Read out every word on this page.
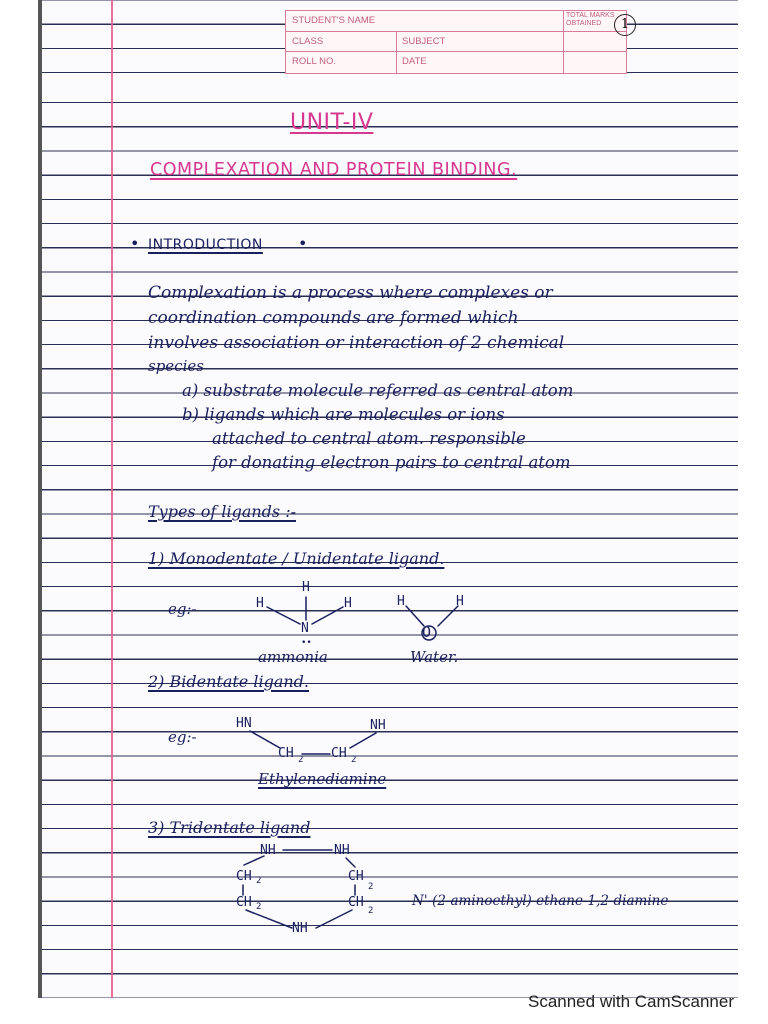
STUDENT'S NAME	TOTAL MARKS OBTAINED
CLASS	SUBJECT
ROLL NO.	DATE
1
UNIT-IV
COMPLEXATION AND PROTEIN BINDING.
• INTRODUCTION •
Complexation is a process where complexes or
coordination compounds are formed which
involves association or interaction of 2 chemical
species
a) substrate molecule referred as central atom
b) ligands which are molecules or ions
attached to central atom. responsible
for donating electron pairs to central atom
Types of ligands :-
1) Monodentate / Unidentate ligand.
eg:-
H
H	H
N
••
ammonia
H	H
O
Water.
2) Bidentate ligand.
eg:-
HN	NH
CH	CH
2	2
Ethylenediamine
3) Tridentate ligand
NH	NH
CH
CH
CH
CH
2
2
2
2
NH
N'-(2-aminoethyl) ethane-1,2-diamine
Scanned with CamScanner
